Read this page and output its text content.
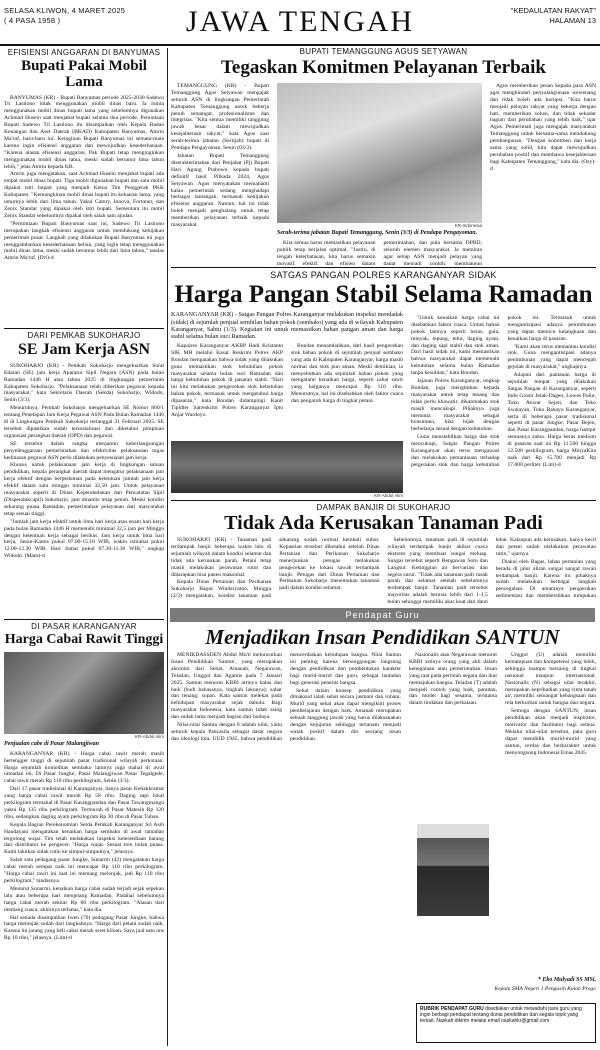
SELASA KLIWON, 4 MARET 2025
( 4 PASA 1958 )	JAWA TENGAH	"KEDAULATAN RAKYAT"
HALAMAN 13
EFISIENSI ANGGARAN DI BANYUMAS
Bupati Pakai Mobil Lama

BANYUMAS (KR) - Bupati Banyumas periode 2025-2030 Sadewo Tri Lastiono tidak menggunakan mobil dinas baru. Ia minta menggunakan mobil dinas bupati lama yang sebelumnya digunakan Achmad Husein saat menjabat bupati selama dua periode. Pemintaan Bupati Sadewo Tri Lastiono itu disampaikan oleh Kepala Badan Keuangan dan Aset Daerah (BKAD) Kabupaten Banyumas, Amrin Ma'ruf, baru-baru ini. Keinginan Bupati Banyumas ini semata-mata karena ingin efisiensi anggaran dan mewujudkan kesederhanaan. "Karena alasan efisiensi anggaran, Pak Bupati tetap menginginkan menggunakan mobil dinas lama, meski sudah berumur lima tahun lebih," jelas Amrin kepada KR.

Amrin juga mengatakan, saat Achmad Husein menjabat bupati ada empat mobil dinas bupati. Tiga mobil digunakan bupati dan satu mobil dipakai istri bupati yang menjadi Ketua Tim Penggerak PKK Kabupaten. "Kemungkinan mobil dinas bupati itu keluaran lama, yang umurnya lebih dari lima tahun. Yakni Camry, Innova, Fortuner, dan Zenix Standar yang dipakai oleh istri bupati. Sementara itu mobil Zenix Standar sebelumnya dipakai oleh salah satu ajudan.

"Permintaan Bupati Banyumas saat ini, Sadewo Tri Lastiono merupakan langkah efisiensi anggaran untuk mendukung kebijakan pemerintah pusat. Langkah yang dilakukan Bupati Banyumas ini juga menggambarkan kesederhanaan beliau, yang ingin tetap menggunakan mobil dinas lama, meski sudah berumur lebih dari lima tahun," tandas Amrin Ma'ruf. (Dri)-d

DARI PEMKAB SUKOHARJO
SE Jam Kerja ASN

SUKOHARJO (KR) - Pemkab Sukoharjo mengeluarkan Surat Edaran (SE) jam kerja Aparatur Sipil Negara (ASN) pada bulan Ramadan 1446 H atau tahun 2025 di lingkungan pemerintah Kabupaten Sukoharjo. "Pelaksanaan telah diberikan pegawai kepada masyarakat," kata Sekretaris Daerah (Sekda) Sukoharjo, Widodo, Senin (3/3).

Menurutnya, Pemkab Sukoharjo mengeluarkan SE Nomor 800/1 tentang Penetapan Jam Kerja Pegawai ASN Pada Bulan Ramadan 1446 H di Lingkungan Pemkab Sukoharjo tertanggal 21 Februari 2025. SE tersebut dipastikan sudah tersosialisasi dan diketahui pimpinan organisasi perangkat daerah (OPD) dan pegawai.

SE tersebut dalam rangka menjamin keberlangsungan penyelenggaraan pemerintahan dan efektivitas pelaksanaan tugas kedinasan pegawai ASN perlu dilakukan penyesuaian jam kerja.

Khusus untuk pelaksanaan jam kerja di lingkungan satuan pendidikan, kepala perangkat daerah dapat mengatur pelaksanaan jam kerja efektif dengan berpedoman pada ketentuan jumlah jam kerja efektif dalam satu minggu minimal 32,50 jam. Untuk pelayanan masyarakat seperti di Dinas Kependudukan dan Pencatatan Sipil (Dispendukcapil) Sukoharjo, jam dinamis tetap penuh. Meski kondisi sekarang puasa Ramadan, pemerintahan pelayanan dari masyarakat tetap sesuai tinggi.

"Jumlah jam kerja efektif untuk lima hari kerja atau enam hari kerja pada bulan Ramadan 1446 H memenuhi minimal 32,5 jam per Minggu dengan ketentuan kerja sebagai berikut. Jam kerja untuk lima hari kerja, Senin-Kamis pukul 07.00-15.10 WIB, waktu istirahat pukul 12.00-12.30 WIB. Hari Jumat pukul 07.30-11.30 WIB," ungkap Widodo. (Mam)-d

DI PASAR KARANGANYAR
Harga Cabai Rawit Tinggi
KR-Abdul Alim
Penjualan cabe di Pasar Malangjiwan

KARANGANYAR (KR) - Harga cabai rawit merah masih bertengger tinggi di sejumlah pasar tradisional wilayah perkotaan. Harga sejumlah komoditas sembako lainnya juga mahal di awal ramadan ini. Di Pasar Jungke, Pasar Malangjiwan Pasar Tegalgede, cabai rawit merah Rp 110 ribu perkilogram, Senin (3/3).

Dari 17 pasar tradisional di Karanganyar, hanya pasar Kebakkramat yang harga cabai rawit merah Rp 58 ribu. Daging sapi lokal perkilogram termahal di Pasar Karangpandan dan Pasar Tawangmangu yakni Rp 135 ribu perkilogram. Termurah di Pasar Matesih Rp 120 ribu, sedangkan daging ayam perkilogram Rp 30 ribu di Pasar Tuban.

Kepala Bagian Perekonomian Setda Pemkab Karanganyar Sri Asih Handayani mengatakan kenaikan harga sembako di awal ramadan tergolong wajar. Tim telah melakukan inspeksi ketersediaan barang dari distributor ke pengecer. "Harga wajar. Sesuai tren bulan puasa. Kami lakukan sidak rutin ke simpul-simpulnya," jelasnya.

Salah satu pedagang pasar Jungke, Sunarmi (42) mengatakan harga cabai merah sempat naik ini mencapai Rp 110 ribu perkilogram. "Harga cabai rawit ini saat ini memang melonjak, jadi Rp 110 ribu perkilogram," tandasnya.

Menurut Sunarmi, kenaikan harga cabai sudah terjadi sejak sepekan lalu atau beberapa hari menjelang Ramadan. Padahal sebelumnya harga cabai merah sekitar Rp 80 ribu perkilogram. "Alasan dari memang cuaca, akhirnya terbatas," kata dia.

Hal senada disampaikan Iwen (70) pedagang Pasar Jungke, bahwa harga melonjak sudah dari langkahnya. "Harga dari petani sudah naik. Karena itu jarang yang beli cabai merah seret kiloan. Saya jual satu ons Rp 10 ribu," jelasnya. (Lim)-d

BUPATI TEMANGGUNG AGUS SETYAWAN
Tegaskan Komitmen Pelayanan Terbaik

TEMANGGUNG (KR) - Bupati Temanggung Agus Setyawan mengajak seluruh ASN di lingkungan Pemerintah Kabupaten Temanggung untuk bekerja penuh semangat, profesionalisme dan integritas. "Kita semua memiliki tanggung jawab besar dalam mewujudkan kesejahteraan rakyat," kata Agus saat serah-terima jabatan (Sertijab) bupati di Pendapa Pengayoman, Senin (03/3).

Jabatan Bupati Temanggung diserahterimakan dari Penjabat (Pj) Bupati Hari Agung Prabowo kepada bupati definitif hasil Pilkada 2024, Agus Setyawan. Agus menyatakan memahami kalau pemerintah sedang menghadapi berbagai tantangan, termasuk kebijakan efisiensi anggaran. Namun, hal ini tidak boleh menjadi penghalang untuk tetap memberikan pelayanan terbaik kepada masyarakat.	KR-Indonesia
Serah-terima jabatan Bupati Temanggung, Senin (3/3) di Pendapa Pengayoman.

Kita semua harus memastikan pelayanan publik tetap berjalan optimal. "Justru, di tengah keterbatasan, kita harus semakin inovatif, efektif, dan efisien dalam

pemerintahan, dan pula bersama DPRD, seluruh elemen masyarakat. Ia meminta agar setiap ASN menjadi pelayan yang dapat menjadi contoh, membangun

Agus memberikan pesan kepada para ASN agar menghindari penyalahgunaan wewenang dan tidak boleh ada korupsi. "Kita harus menjadi pelayan rakyat yang bekerja dengan hati, memberikan solusi, dan tidak sekadar bagian dari perubahan yang lebih baik," ujar Agus. Pemerintah juga mengajak masyarakat Temanggung untuk bersama-sama mendukung pembangunan. "Dengan komitmen dan kerja sama yang solid, kita dapat mewujudkan perubahan positif dan membawa kesejahteraan bagi Kabupaten Temanggung," kata dia. (Osy)-d

SATGAS PANGAN POLRES KARANGANYAR SIDAK
Harga Pangan Stabil Selama Ramadan
KARANGANYAR (KR) - Satgas Pangan Polres Karanganyar melakukan inspeksi mendadak (sidak) di sejumlah penjual sembilan bahan pokok (sembako) yang ada di wilayah Kabupaten Karanganyar, Sabtu (1/3). Kegiatan ini untuk memastikan bahan pangan aman dan harga stabil selama bulan suci Ramadan.

Kapolres Karanganyar AKBP Hadi Kristanto SIK MH melalui Kasat Reskrim Polres AKP Bondan mengatakan bahwa sidak yang dilakukan guna memastikan stok kebutuhan pokok masyarakat selama bulan suci Ramadan dan harga kebutuhan pokok di pasaran stabil. "Hari ini kita melakukan pengecekan stok kebutuhan bahan pokok, termasuk untuk mengetahui harga dipasaran," kata Bondan didampingi Kanit Tipidter Satreskrim Polres Karanganyar Iptu Anjar Wardoyo.

Bondan menambahkan, dari hasil pengecekan stok bahan pokok di sejumlah penjual sembako yang ada di Kabupaten Karanganyar, harga masih normal dan stok pun aman. Meski demikian, ia menyebutkan ada sejumlah bahan pokok yang mengalami kenaikan harga, seperti cabai rawit yang harganya mencapai Rp 110 ribu. Menurutnya, hal ini disebabkan oleh faktor cuaca dan pengaruh harga di tingkat petani.

KR-Abdul Alim

"Untuk kenaikan harga cabai ini disebabkan faktor cuaca. Untuk bahan pokok lainnya seperti beras, gula, minyak, tepung, telur, daging ayam, dan daging sapi stabil dan stok aman. Dari hasil sidak ini, kami memastikan bahwa masyarakat dapat memenuhi kebutuhan selama bulan Ramadan tanpa kesulitan," kata Bondan.

Jajaran Polres Karanganyar, ungkap Bondan, juga mengimbau kepada masyarakat untuk tetap tenang dan tidak perlu khawatir, dikarenakan stok masih mencukupi. Pihaknya juga meminta masyarakat sebagai konsumen, bisa bijak dengan berbelanja sesuai dengan kebutuhan.

Guna menstabilkan harga dan stok mencukupi, Satgas Pangan Polres Karanganyar akan terus mengawasi dan melakukan pemantauan terhadap pergerakan stok dan harga kebutuhan pokok ini. Termasuk untuk mengantisipasi adanya penimbunan yang dapat memicu kelangkaan dan kenaikan harga di pasaran.

"Kami akan terus memantau kondisi stok. Guna mengantisipasi adanya penimbunan yang dapat mencegah gejolak di masyarakat," ungkapnya.

Adapun dari pantauan harga di sejumlah tempat yang dilakukan Satgas Pangan di Karanganyar, seperti Indo Grosir Jetak-Dagen, Lowes Pulur, Toko Anwar Sejati, dan Toko Swalayan, Toko Rahayu Karanganyar, serta di beberapa pasar tradisional seperti di pasar Jungke, Pasar Bejen, dan Pasar Karangpandan, harga hampir semuanya sama. Harga beras medium di pasaran saat ini Rp 11.500 hingga 12.500 perkilogram, harga MinyaKita naik dari Rp 15.700 menjadi Rp 17.000 perliter. (Lim)-d

DAMPAK BANJIR DI SUKOHARJO
Tidak Ada Kerusakan Tanaman Padi

SUKOHARJO (KR) - Tanaman padi terdampak banjir beberapa waktu lalu di sejumlah wilayah dalam kondisi selamat dan tidak ada kerusakan parah. Petani tetap masih melakukan perawatan rutin dan diharapkan bisa panen maksimal.

Kepala Dinas Pertanian dan Perikanan Sukoharjo Bagas Windaryatno, Minggu (2/3) mengatakan, kondisi tanaman padi sekarang sudah normal kembali subur. Kepastian tersebut diketahui setelah Dinas Pertanian dan Perikanan Sukoharjo menerjunkan petugas melakukan pengecekan ke lokasi sawah terdampak banjir. Petugas dari Dinas Pertanian dan Perikanan Sukoharjo menemukan tanaman padi dalam kondisi selamat.

Sebelumnya, tanaman padi di sejumlah wilayah terdampak banjir akibat cuaca ekstrem yang membuat sungai meluap. Sungai tersebut seperti Bengawan Solo dan Langsur. Ketinggian air bervariasi dan segera surut. "Tidak ada tanaman padi rusak parah dan selamat setelah sebelumnya terdampak banjir. Tanaman padi tersebut mayoritas adalah berusia lebih dari 1-1,5 bulan sehingga memiliki akar kuat dan daun lebat. Kalaupun ada kerusakan, hanya kecil dan petani sudah melakukan perawatan rutin," ujarnya.

Diakui oleh Bagas, lahan pertanian yang berada di jalur aliran sungai sangat rawan terdampak banjir. Karena itu pihaknya sudah melakukan berbagai langkah pencegahan. Di antaranya pengerukan sedimentasi dan membersihkan tumpukan

Pendapat Guru
Menjadikan Insan Pendidikan SANTUN

MENIKDASSDEN Abdul Mu'ti meluncurkan Insan Pendidikan 'Santun', yang merupakan akronim dari Sehat, Amanah, Negarawan, Teladan, Unggul dan Agamis pada 7 Januari 2025. Santun menurut KBBI artinya halus dan baik (budi bahasanya, tingkah lakunya); sabar dan tenang; sopan. Kata santun melekat pada kehidupan masyarakat sejak dahulu. Bagi masyarakat Indonesia, kata santun tidak asing dan sudah lama menjadi bagian dari budaya.

Nilai-nilai Santun dengan 8 adalah nilai, yaitu seluruh kepala Pancasila sebagai dasar negara dan ideologi kita. UUD 1945, bahwa pendidikan mencerdaskan kehidupan bangsa. Nilai Santun ini penting karena bersinggungan langsung dengan pendidikan dan pembentukan karakter bagi murid-murid dan guru, sebagai tauladan bagi generasi penerus bangsa.

Sehat dalam konsep pendidikan yang dimaksud ialah sehat secara jasmani dan rohani. Murid yang sehat akan dapat mengikuti proses pembelajaran dengan baik. Amanah merupakan sebuah tanggung jawab yang harus dilaksanakan dengan kejujuran sehingga tertanam menjadi watak positif dalam diri seorang insan pendidikan.

Nasionalis atau Negarawan menurut KBBI artinya orang yang ahli dalam kenegaraan atau pemerintahan. Insan yang taat pada perintah negara dan ikut memajukan bangsa. Teladan (T) adalah menjadi contoh yang baik, panutan, dan model bagi sesama, terutama dalam tindakan dan perkataan.

Unggul (U) adalah memiliki kemampuan dan kompetensi yang lebih, sehingga mampu bersaing di tingkat nasional maupun internasional. Nasionalis (N) sebagai nilai terakhir, merupakan kepribadian yang cinta tanah air, memiliki semangat kebangsaan dan rela berkorban untuk bangsa dan negara.

Semoga dengan SANTUN, insan pendidikan akan menjadi inspirator, motivator dan fasilitator bagi semua. Melalui nilai-nilai tersebut, para guru dapat mendidik murid-murid yang santun, cerdas dan berkarakter untuk menyongsong Indonesia Emas 2045.

* Eko Mulyadi SS MSi,
Kepala SMA Negeri 1 Pengasih Kulon Progo
RUBRIK PENDAPAT GURU disediakan untuk mewadahi para guru yang ingin berbagi pendapat tentang dunia pendidikan dan segala topik yang terkait. Naskah dikirim melalui email naskahkr@gmail.com
